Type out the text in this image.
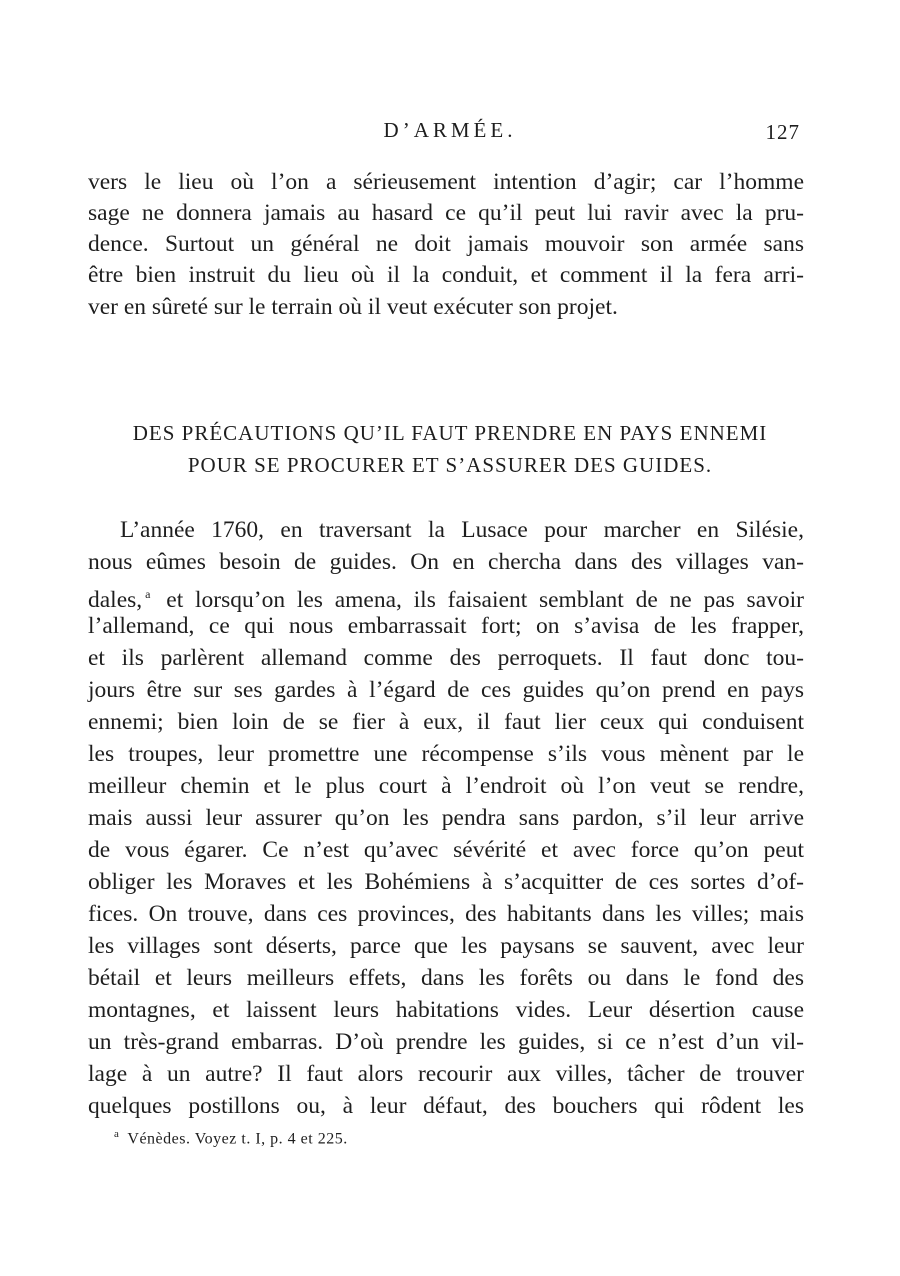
D’ARMÉE.	127
vers le lieu où l’on a sérieusement intention d’agir; car l’homme
sage ne donnera jamais au hasard ce qu’il peut lui ravir avec la pru-
dence. Surtout un général ne doit jamais mouvoir son armée sans
être bien instruit du lieu où il la conduit, et comment il la fera arri-
ver en sûreté sur le terrain où il veut exécuter son projet.
DES PRÉCAUTIONS QU’IL FAUT PRENDRE EN PAYS ENNEMI
POUR SE PROCURER ET S’ASSURER DES GUIDES.
L’année 1760, en traversant la Lusace pour marcher en Silésie,
nous eûmes besoin de guides. On en chercha dans des villages van-
dales, $^a$ et lorsqu’on les amena, ils faisaient semblant de ne pas savoir
l’allemand, ce qui nous embarrassait fort; on s’avisa de les frapper,
et ils parlèrent allemand comme des perroquets. Il faut donc tou-
jours être sur ses gardes à l’égard de ces guides qu’on prend en pays
ennemi; bien loin de se fier à eux, il faut lier ceux qui conduisent
les troupes, leur promettre une récompense s’ils vous mènent par le
meilleur chemin et le plus court à l’endroit où l’on veut se rendre,
mais aussi leur assurer qu’on les pendra sans pardon, s’il leur arrive
de vous égarer. Ce n’est qu’avec sévérité et avec force qu’on peut
obliger les Moraves et les Bohémiens à s’acquitter de ces sortes d’of-
fices. On trouve, dans ces provinces, des habitants dans les villes; mais
les villages sont déserts, parce que les paysans se sauvent, avec leur
bétail et leurs meilleurs effets, dans les forêts ou dans le fond des
montagnes, et laissent leurs habitations vides. Leur désertion cause
un très-grand embarras. D’où prendre les guides, si ce n’est d’un vil-
lage à un autre? Il faut alors recourir aux villes, tâcher de trouver
quelques postillons ou, à leur défaut, des bouchers qui rôdent les
$^a$ Vénèdes. Voyez t. I, p. 4 et 225.
